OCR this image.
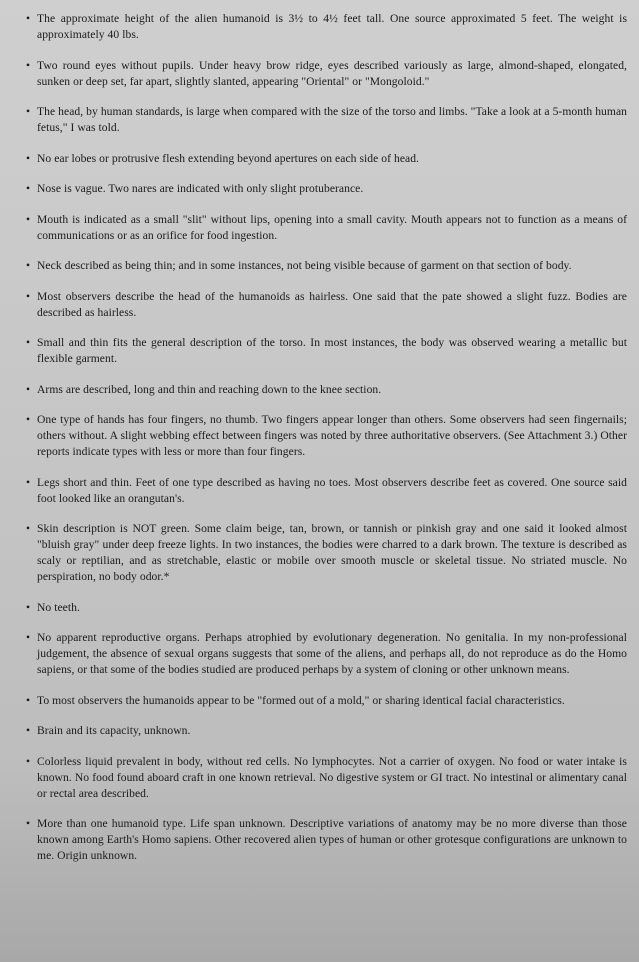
• The approximate height of the alien humanoid is 3½ to 4½ feet tall. One source approximated 5 feet. The weight is approximately 40 lbs.
• Two round eyes without pupils. Under heavy brow ridge, eyes described variously as large, almond-shaped, elongated, sunken or deep set, far apart, slightly slanted, appearing "Oriental" or "Mongoloid."
• The head, by human standards, is large when compared with the size of the torso and limbs. "Take a look at a 5-month human fetus," I was told.
• No ear lobes or protrusive flesh extending beyond apertures on each side of head.
• Nose is vague. Two nares are indicated with only slight protuberance.
• Mouth is indicated as a small "slit" without lips, opening into a small cavity. Mouth appears not to function as a means of communications or as an orifice for food ingestion.
• Neck described as being thin; and in some instances, not being visible because of garment on that section of body.
• Most observers describe the head of the humanoids as hairless. One said that the pate showed a slight fuzz. Bodies are described as hairless.
• Small and thin fits the general description of the torso. In most instances, the body was observed wearing a metallic but flexible garment.
• Arms are described, long and thin and reaching down to the knee section.
• One type of hands has four fingers, no thumb. Two fingers appear longer than others. Some observers had seen fingernails; others without. A slight webbing effect between fingers was noted by three authoritative observers. (See Attachment 3.) Other reports indicate types with less or more than four fingers.
• Legs short and thin. Feet of one type described as having no toes. Most observers describe feet as covered. One source said foot looked like an orangutan's.
• Skin description is NOT green. Some claim beige, tan, brown, or tannish or pinkish gray and one said it looked almost "bluish gray" under deep freeze lights. In two instances, the bodies were charred to a dark brown. The texture is described as scaly or reptilian, and as stretchable, elastic or mobile over smooth muscle or skeletal tissue. No striated muscle. No perspiration, no body odor.*
• No teeth.
• No apparent reproductive organs. Perhaps atrophied by evolutionary degeneration. No genitalia. In my non-professional judgement, the absence of sexual organs suggests that some of the aliens, and perhaps all, do not reproduce as do the Homo sapiens, or that some of the bodies studied are produced perhaps by a system of cloning or other unknown means.
• To most observers the humanoids appear to be "formed out of a mold," or sharing identical facial characteristics.
• Brain and its capacity, unknown.
• Colorless liquid prevalent in body, without red cells. No lymphocytes. Not a carrier of oxygen. No food or water intake is known. No food found aboard craft in one known retrieval. No digestive system or GI tract. No intestinal or alimentary canal or rectal area described.
• More than one humanoid type. Life span unknown. Descriptive variations of anatomy may be no more diverse than those known among Earth's Homo sapiens. Other recovered alien types of human or other grotesque configurations are unknown to me. Origin unknown.
